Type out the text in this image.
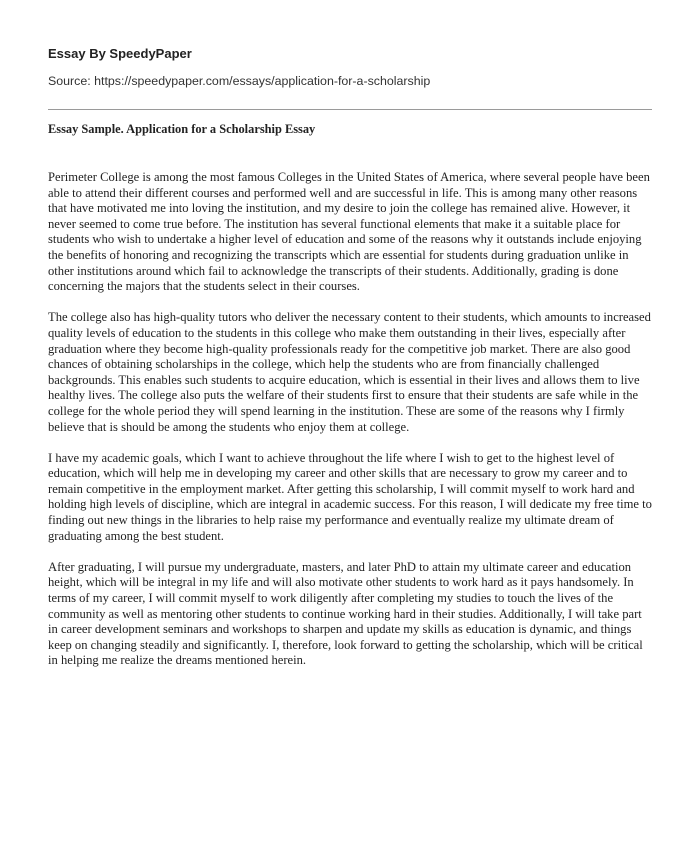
Essay By SpeedyPaper

Source: https://speedypaper.com/essays/application-for-a-scholarship

Essay Sample. Application for a Scholarship Essay

Perimeter College is among the most famous Colleges in the United States of America, where several people have been able to attend their different courses and performed well and are successful in life. This is among many other reasons that have motivated me into loving the institution, and my desire to join the college has remained alive. However, it never seemed to come true before. The institution has several functional elements that make it a suitable place for students who wish to undertake a higher level of education and some of the reasons why it outstands include enjoying the benefits of honoring and recognizing the transcripts which are essential for students during graduation unlike in other institutions around which fail to acknowledge the transcripts of their students. Additionally, grading is done concerning the majors that the students select in their courses.

The college also has high-quality tutors who deliver the necessary content to their students, which amounts to increased quality levels of education to the students in this college who make them outstanding in their lives, especially after graduation where they become high-quality professionals ready for the competitive job market. There are also good chances of obtaining scholarships in the college, which help the students who are from financially challenged backgrounds. This enables such students to acquire education, which is essential in their lives and allows them to live healthy lives. The college also puts the welfare of their students first to ensure that their students are safe while in the college for the whole period they will spend learning in the institution. These are some of the reasons why I firmly believe that is should be among the students who enjoy them at college.

I have my academic goals, which I want to achieve throughout the life where I wish to get to the highest level of education, which will help me in developing my career and other skills that are necessary to grow my career and to remain competitive in the employment market. After getting this scholarship, I will commit myself to work hard and holding high levels of discipline, which are integral in academic success. For this reason, I will dedicate my free time to finding out new things in the libraries to help raise my performance and eventually realize my ultimate dream of graduating among the best student.

After graduating, I will pursue my undergraduate, masters, and later PhD to attain my ultimate career and education height, which will be integral in my life and will also motivate other students to work hard as it pays handsomely. In terms of my career, I will commit myself to work diligently after completing my studies to touch the lives of the community as well as mentoring other students to continue working hard in their studies. Additionally, I will take part in career development seminars and workshops to sharpen and update my skills as education is dynamic, and things keep on changing steadily and significantly. I, therefore, look forward to getting the scholarship, which will be critical in helping me realize the dreams mentioned herein.
